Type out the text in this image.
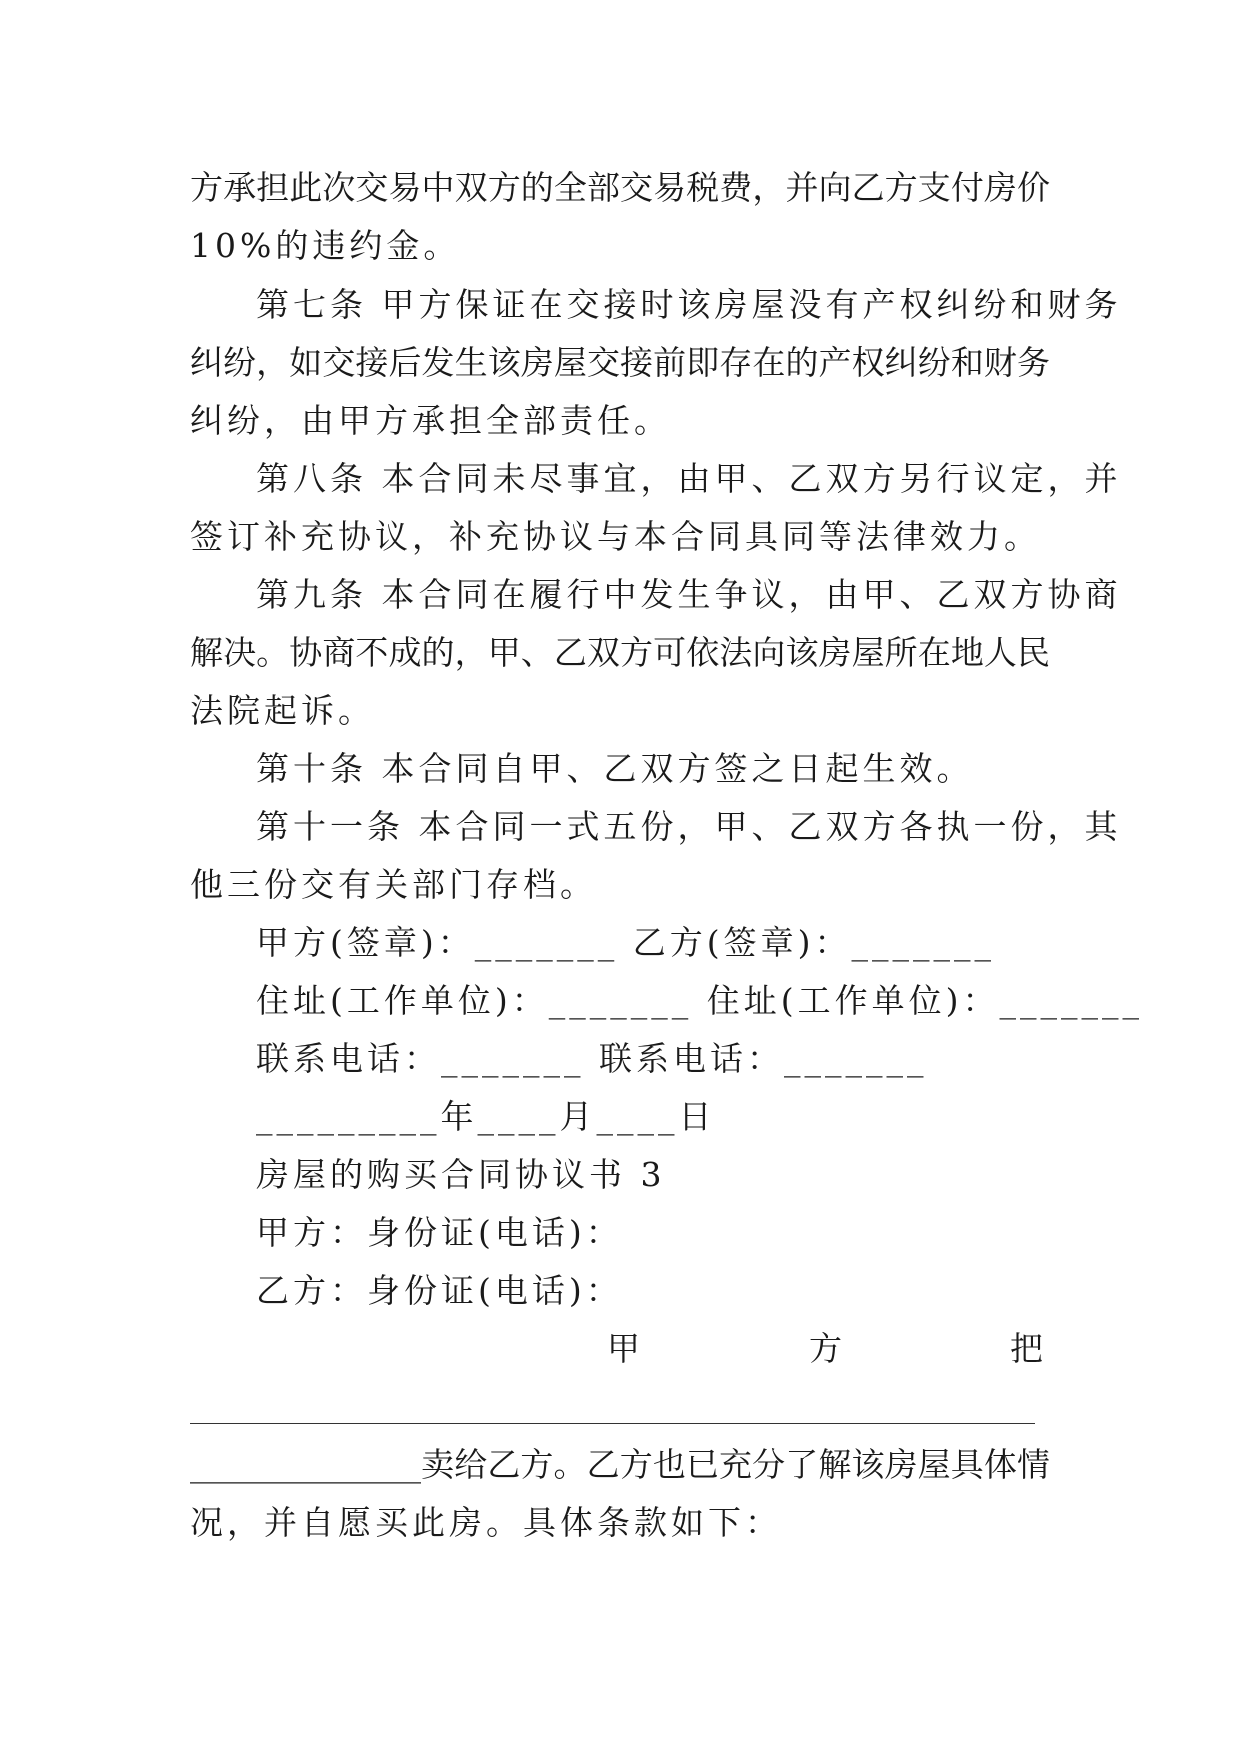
方承担此次交易中双方的全部交易税费，并向乙方支付房价
10%的违约金。
第七条 甲方保证在交接时该房屋没有产权纠纷和财务
纠纷，如交接后发生该房屋交接前即存在的产权纠纷和财务
纠纷，由甲方承担全部责任。
第八条 本合同未尽事宜，由甲、乙双方另行议定，并
签订补充协议，补充协议与本合同具同等法律效力。
第九条 本合同在履行中发生争议，由甲、乙双方协商
解决。协商不成的，甲、乙双方可依法向该房屋所在地人民
法院起诉。
第十条 本合同自甲、乙双方签之日起生效。
第十一条 本合同一式五份，甲、乙双方各执一份，其
他三份交有关部门存档。
甲方(签章)：_______ 乙方(签章)：_______
住址(工作单位)：_______ 住址(工作单位)：_______
联系电话：_______ 联系电话：_______
_________年____月____日
房屋的购买合同协议书 3
甲方：身份证(电话)：
乙方：身份证(电话)：
甲	方	把
______________卖给乙方。乙方也已充分了解该房屋具体情
况，并自愿买此房。具体条款如下：
